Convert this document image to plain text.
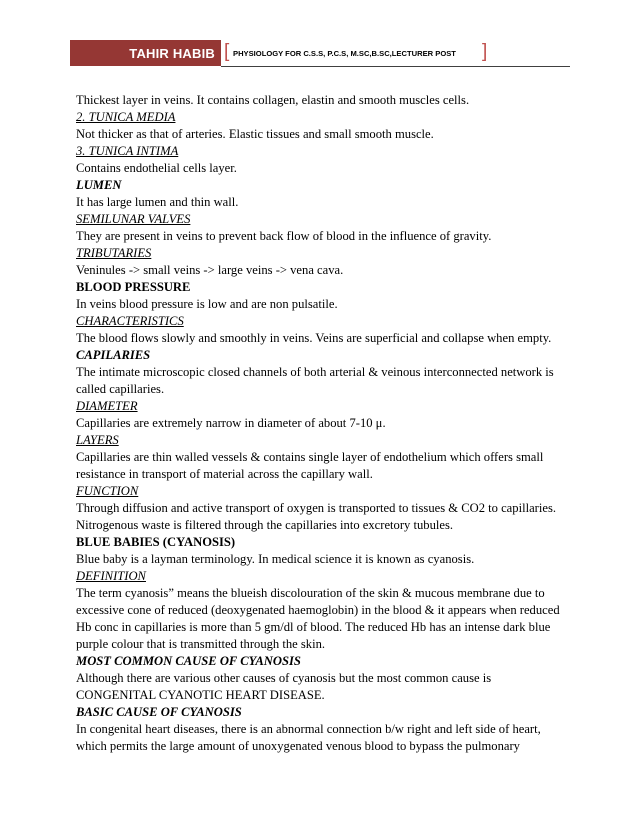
TAHIR HABIB [ PHYSIOLOGY FOR C.S.S, P.C.S, M.SC,B.SC,LECTURER POST ]
Thickest layer in veins. It contains collagen, elastin and smooth muscles cells.
2. TUNICA MEDIA
Not thicker as that of arteries. Elastic tissues and small smooth muscle.
3. TUNICA INTIMA
Contains endothelial cells layer.
LUMEN
It has large lumen and thin wall.
SEMILUNAR VALVES
They are present in veins to prevent back flow of blood in the influence of gravity.
TRIBUTARIES
Veninules -> small veins -> large veins -> vena cava.
BLOOD PRESSURE
In veins blood pressure is low and are non pulsatile.
CHARACTERISTICS
The blood flows slowly and smoothly in veins. Veins are superficial and collapse when empty.
CAPILARIES
The intimate microscopic closed channels of both arterial & veinous interconnected network is
called capillaries.
DIAMETER
Capillaries are extremely narrow in diameter of about 7-10 μ.
LAYERS
Capillaries are thin walled vessels & contains single layer of endothelium which offers small
resistance in transport of material across the capillary wall.
FUNCTION
Through diffusion and active transport of oxygen is transported to tissues & CO2 to capillaries.
Nitrogenous waste is filtered through the capillaries into excretory tubules.
BLUE BABIES (CYANOSIS)
Blue baby is a layman terminology. In medical science it is known as cyanosis.
DEFINITION
The term cyanosis” means the blueish discolouration of the skin & mucous membrane due to
excessive cone of reduced (deoxygenated haemoglobin) in the blood & it appears when reduced
Hb conc in capillaries is more than 5 gm/dl of blood. The reduced Hb has an intense dark blue
purple colour that is transmitted through the skin.
MOST COMMON CAUSE OF CYANOSIS
Although there are various other causes of cyanosis but the most common cause is
CONGENITAL CYANOTIC HEART DISEASE.
BASIC CAUSE OF CYANOSIS
In congenital heart diseases, there is an abnormal connection b/w right and left side of heart,
which permits the large amount of unoxygenated venous blood to bypass the pulmonary
